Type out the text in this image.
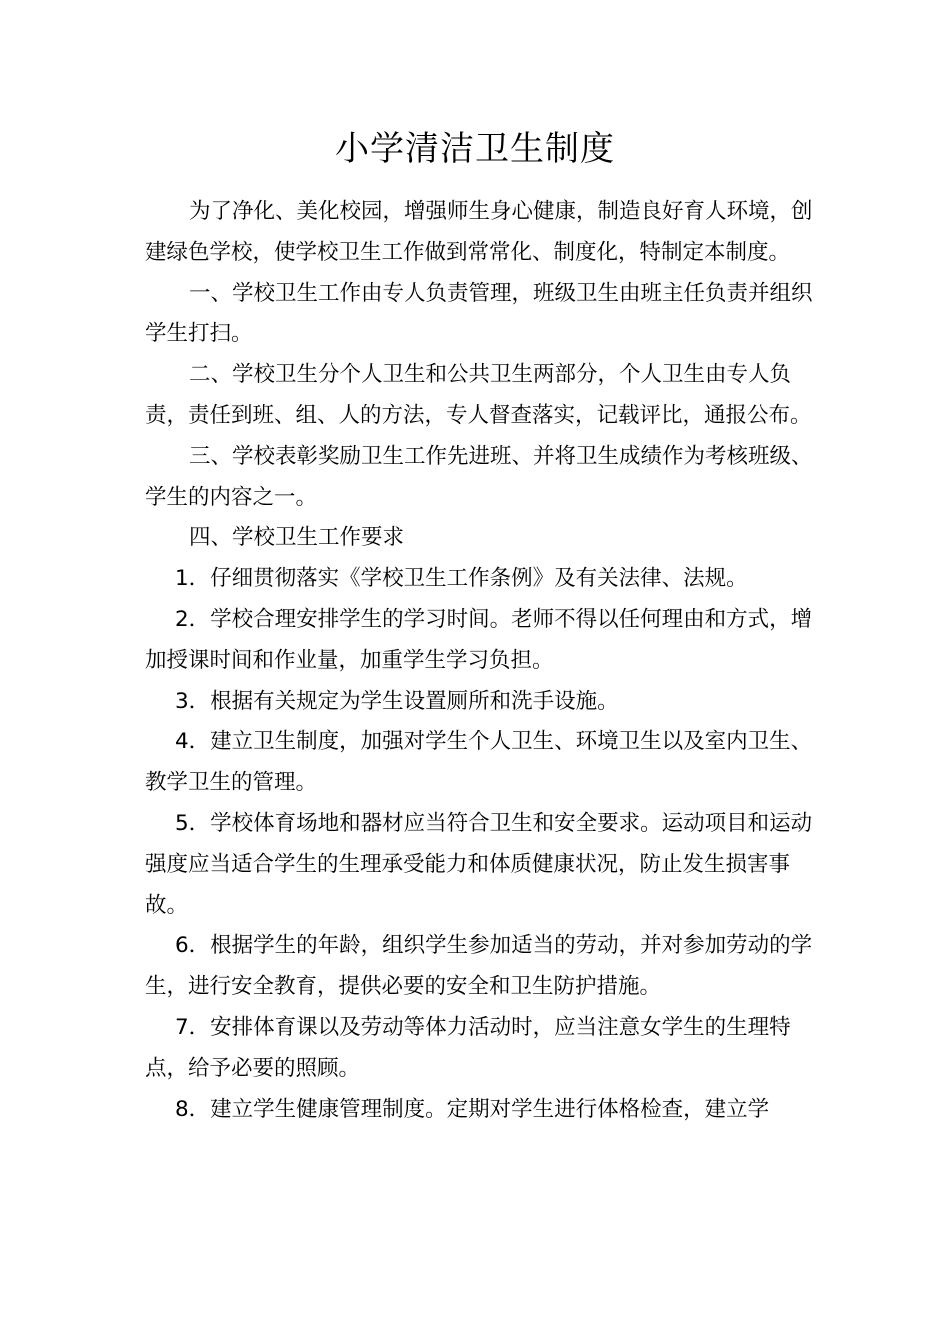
小学清洁卫生制度

为了净化、美化校园，增强师生身心健康，制造良好育人环境，创建绿色学校，使学校卫生工作做到常常化、制度化，特制定本制度。

一、学校卫生工作由专人负责管理，班级卫生由班主任负责并组织学生打扫。

二、学校卫生分个人卫生和公共卫生两部分，个人卫生由专人负责，责任到班、组、人的方法，专人督查落实，记载评比，通报公布。

三、学校表彰奖励卫生工作先进班、并将卫生成绩作为考核班级、学生的内容之一。

四、学校卫生工作要求

1．仔细贯彻落实《学校卫生工作条例》及有关法律、法规。

2．学校合理安排学生的学习时间。老师不得以任何理由和方式，增加授课时间和作业量，加重学生学习负担。

3．根据有关规定为学生设置厕所和洗手设施。

4．建立卫生制度，加强对学生个人卫生、环境卫生以及室内卫生、教学卫生的管理。

5．学校体育场地和器材应当符合卫生和安全要求。运动项目和运动强度应当适合学生的生理承受能力和体质健康状况，防止发生损害事故。

6．根据学生的年龄，组织学生参加适当的劳动，并对参加劳动的学生，进行安全教育，提供必要的安全和卫生防护措施。

7．安排体育课以及劳动等体力活动时，应当注意女学生的生理特点，给予必要的照顾。

8．建立学生健康管理制度。定期对学生进行体格检查，建立学
